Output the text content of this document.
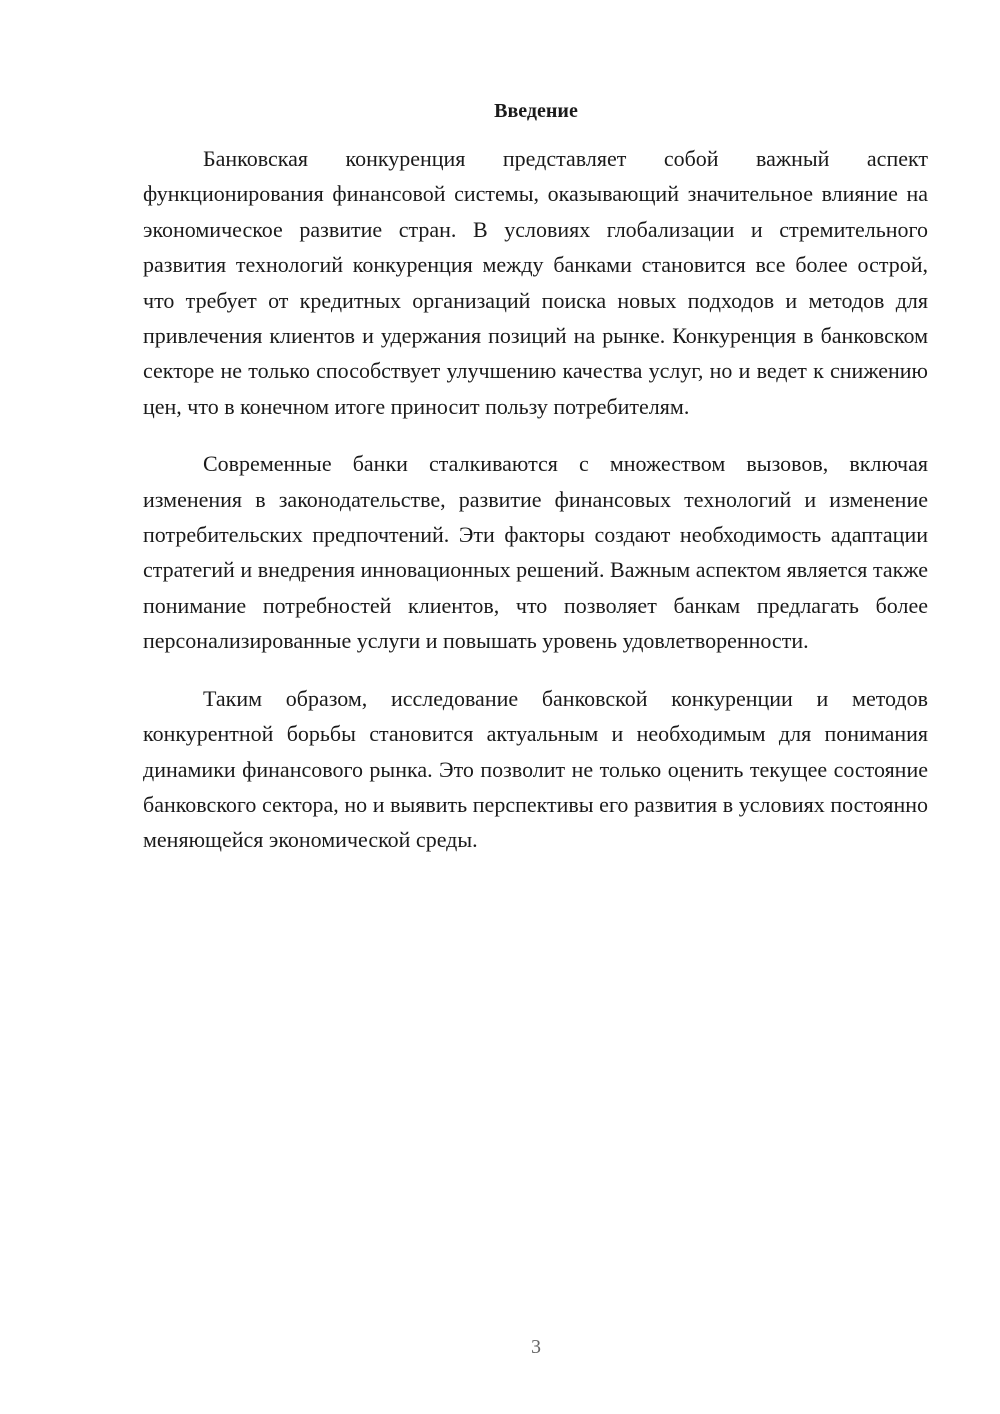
Введение

Банковская конкуренция представляет собой важный аспект функционирования финансовой системы, оказывающий значительное влияние на экономическое развитие стран. В условиях глобализации и стремительного развития технологий конкуренция между банками становится все более острой, что требует от кредитных организаций поиска новых подходов и методов для привлечения клиентов и удержания позиций на рынке. Конкуренция в банковском секторе не только способствует улучшению качества услуг, но и ведет к снижению цен, что в конечном итоге приносит пользу потребителям.

Современные банки сталкиваются с множеством вызовов, включая изменения в законодательстве, развитие финансовых технологий и изменение потребительских предпочтений. Эти факторы создают необходимость адаптации стратегий и внедрения инновационных решений. Важным аспектом является также понимание потребностей клиентов, что позволяет банкам предлагать более персонализированные услуги и повышать уровень удовлетворенности.

Таким образом, исследование банковской конкуренции и методов конкурентной борьбы становится актуальным и необходимым для понимания динамики финансового рынка. Это позволит не только оценить текущее состояние банковского сектора, но и выявить перспективы его развития в условиях постоянно меняющейся экономической среды.

3
